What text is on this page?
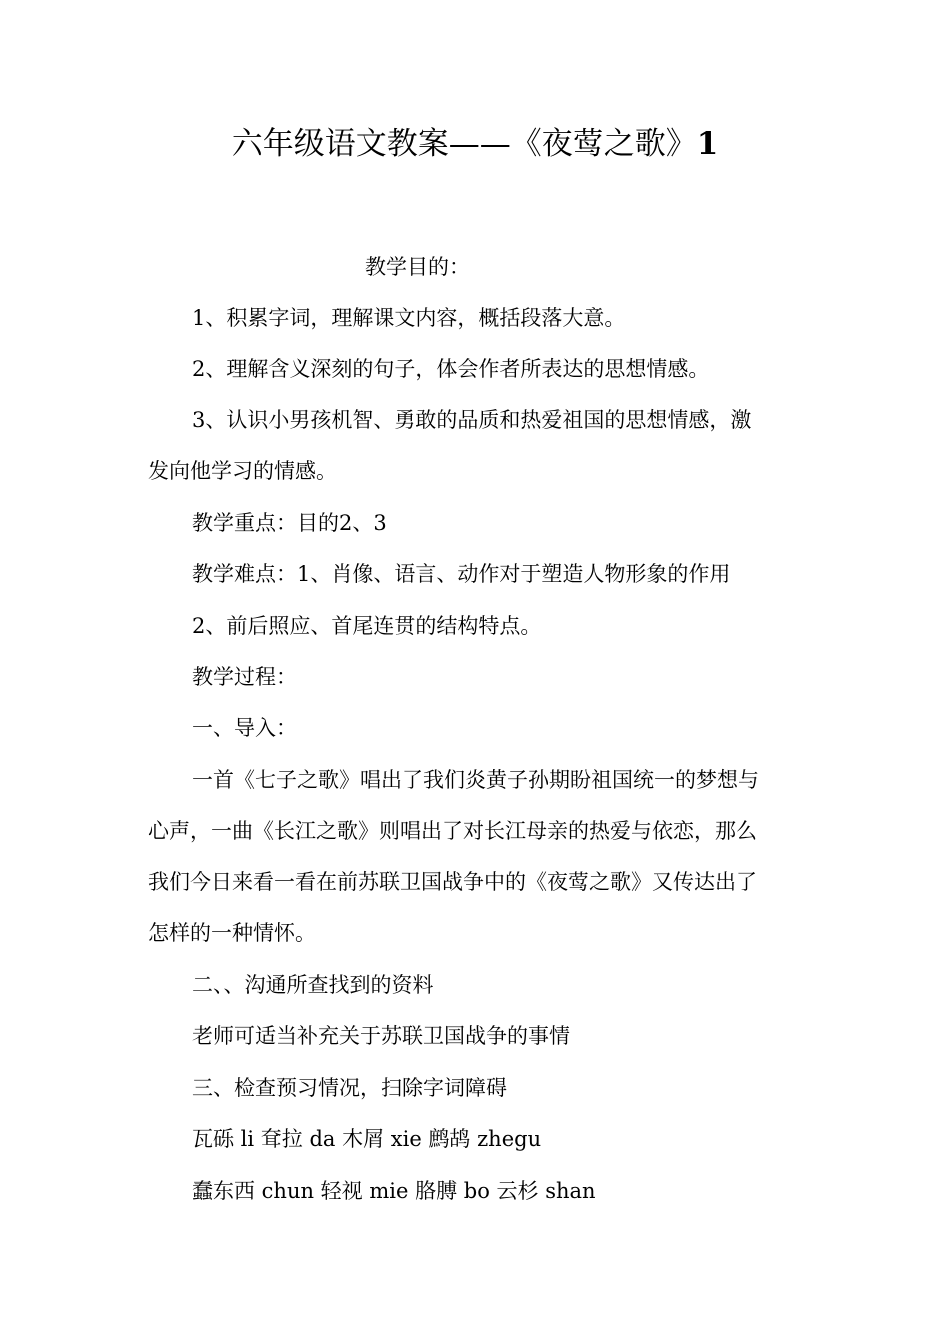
六年级语文教案——《夜莺之歌》1
教学目的：
1、积累字词，理解课文内容，概括段落大意。
2、理解含义深刻的句子，体会作者所表达的思想情感。
3、认识小男孩机智、勇敢的品质和热爱祖国的思想情感，激
发向他学习的情感。
教学重点：目的2、3
教学难点：1、肖像、语言、动作对于塑造人物形象的作用
2、前后照应、首尾连贯的结构特点。
教学过程：
一、导入：
一首《七子之歌》唱出了我们炎黄子孙期盼祖国统一的梦想与
心声，一曲《长江之歌》则唱出了对长江母亲的热爱与依恋，那么
我们今日来看一看在前苏联卫国战争中的《夜莺之歌》又传达出了
怎样的一种情怀。
二、、沟通所查找到的资料
老师可适当补充关于苏联卫国战争的事情
三、检查预习情况，扫除字词障碍
瓦砾 li 耷拉 da 木屑 xie 鹧鸪 zhegu
蠢东西 chun 轻视 mie 胳膊 bo 云杉 shan
